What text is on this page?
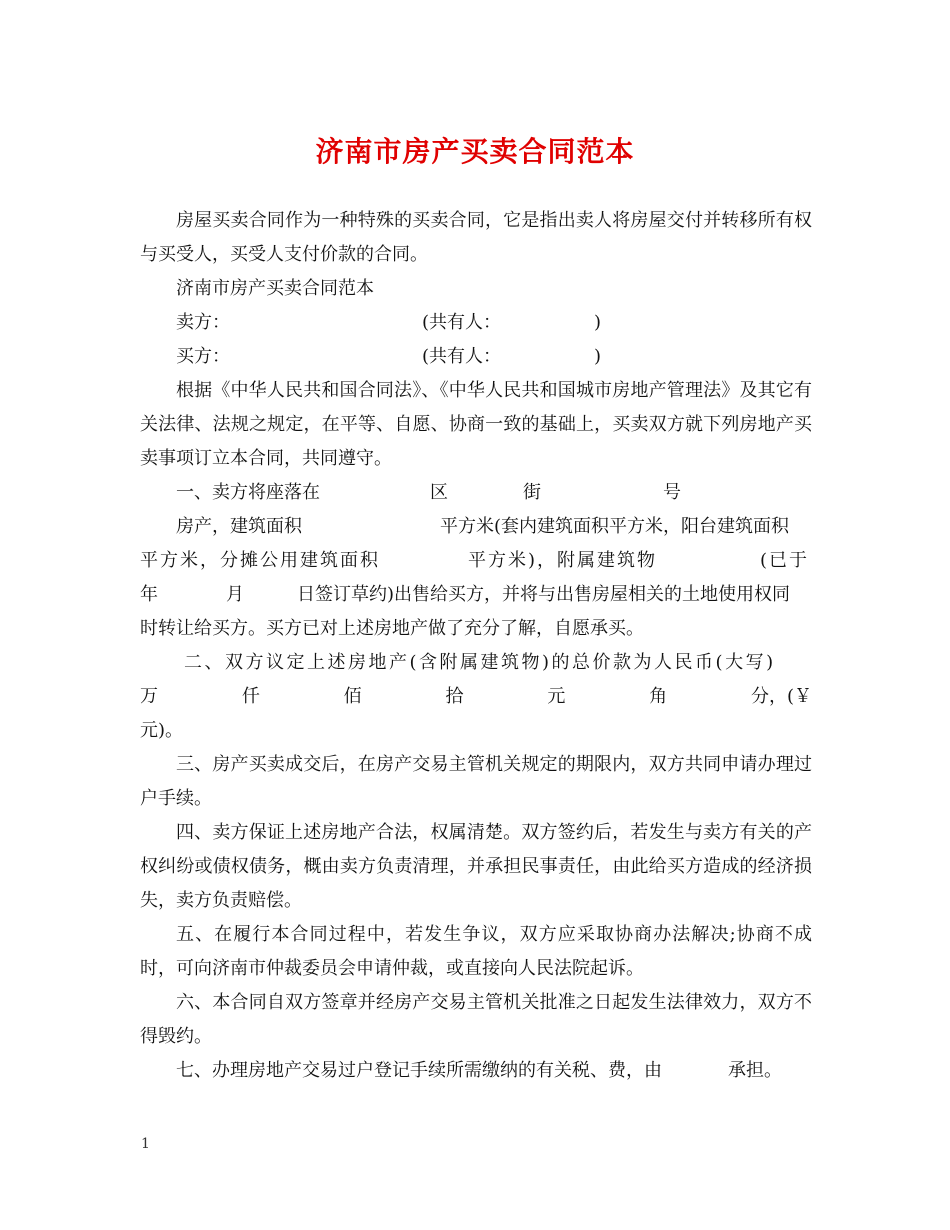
济南市房产买卖合同范本

房屋买卖合同作为一种特殊的买卖合同，它是指出卖人将房屋交付并转移所有权与买受人，买受人支付价款的合同。

济南市房产买卖合同范本

卖方：	(共有人：	)
买方：	(共有人：	)

根据《中华人民共和国合同法》、《中华人民共和国城市房地产管理法》及其它有关法律、法规之规定，在平等、自愿、协商一致的基础上，买卖双方就下列房地产买卖事项订立本合同，共同遵守。

一、卖方将座落在	区	街	号
房产，建筑面积	平方米(套内建筑面积平方米，阳台建筑面积
平方米，分摊公用建筑面积	平方米)，附属建筑物	(已于
年	月	日签订草约)出售给买方，并将与出售房屋相关的土地使用权同
时转让给买方。买方已对上述房地产做了充分了解，自愿承买。
二、双方议定上述房地产(含附属建筑物)的总价款为人民币(大写)
万	仟	佰	拾	元	角	分，(￥
元)。

三、房产买卖成交后，在房产交易主管机关规定的期限内，双方共同申请办理过户手续。

四、卖方保证上述房地产合法，权属清楚。双方签约后，若发生与卖方有关的产权纠纷或债权债务，概由卖方负责清理，并承担民事责任，由此给买方造成的经济损失，卖方负责赔偿。

五、在履行本合同过程中，若发生争议，双方应采取协商办法解决;协商不成时，可向济南市仲裁委员会申请仲裁，或直接向人民法院起诉。

六、本合同自双方签章并经房产交易主管机关批准之日起发生法律效力，双方不得毁约。

七、办理房地产交易过户登记手续所需缴纳的有关税、费，由	承担。
1
